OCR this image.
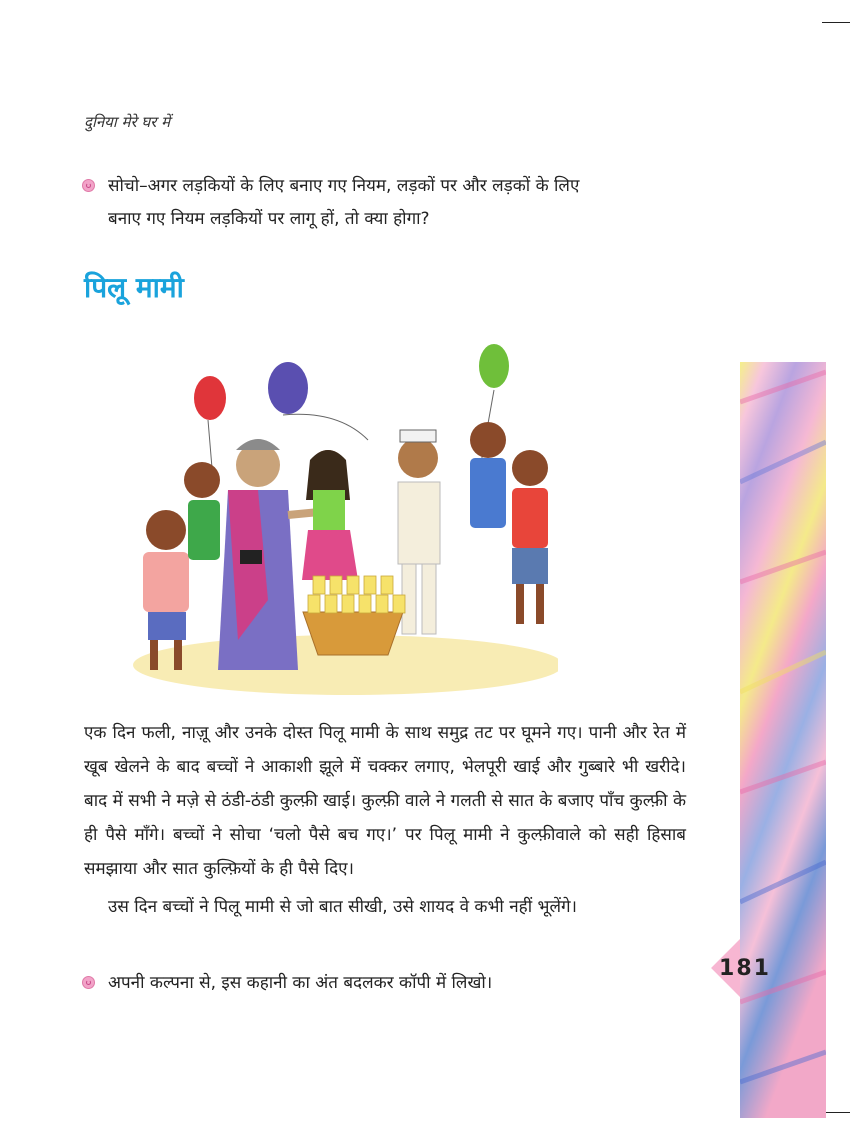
दुनिया मेरे घर में
सोचो–अगर लड़कियों के लिए बनाए गए नियम, लड़कों पर और लड़कों के लिए
बनाए गए नियम लड़कियों पर लागू हों, तो क्या होगा?
पिलू मामी

एक दिन फली, नाज़ू और उनके दोस्त पिलू मामी के साथ समुद्र तट पर घूमने गए। पानी और रेत में खूब खेलने के बाद बच्चों ने आकाशी झूले में चक्कर लगाए, भेलपूरी खाई और गुब्बारे भी खरीदे। बाद में सभी ने मज़े से ठंडी-ठंडी कुल्फ़ी खाई। कुल्फ़ी वाले ने गलती से सात के बजाए पाँच कुल्फ़ी के ही पैसे माँगे। बच्चों ने सोचा ‘चलो पैसे बच गए।’ पर पिलू मामी ने कुल्फ़ीवाले को सही हिसाब समझाया और सात कुल्फ़ियों के ही पैसे दिए।

उस दिन बच्चों ने पिलू मामी से जो बात सीखी, उसे शायद वे कभी नहीं भूलेंगे।

अपनी कल्पना से, इस कहानी का अंत बदलकर कॉपी में लिखो।
181
